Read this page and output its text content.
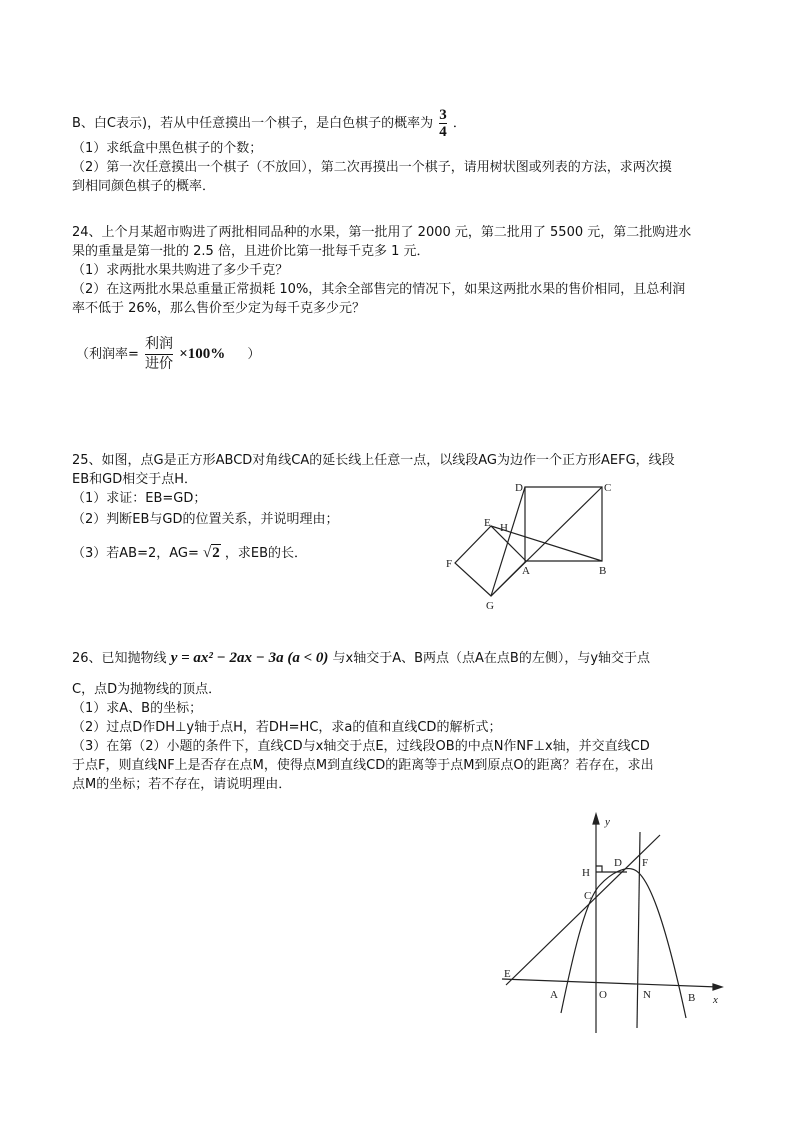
B、白C表示)，若从中任意摸出一个棋子，是白色棋子的概率为 $\frac{3}{4}$ ．
（1）求纸盒中黑色棋子的个数；
（2）第一次任意摸出一个棋子（不放回），第二次再摸出一个棋子，请用树状图或列表的方法，求两次摸
到相同颜色棋子的概率．
24、上个月某超市购进了两批相同品种的水果，第一批用了 2000 元，第二批用了 5500 元，第二批购进水
果的重量是第一批的 2.5 倍，且进价比第一批每千克多 1 元．
（1）求两批水果共购进了多少千克？
（2）在这两批水果总重量正常损耗 10%，其余全部售完的情况下，如果这两批水果的售价相同，且总利润
率不低于 26%，那么售价至少定为每千克多少元？
（利润率= $\frac{\text{利润}}{\text{进价}} \times 100\%$ ）
25、如图，点G是正方形ABCD对角线CA的延长线上任意一点，以线段AG为边作一个正方形AEFG，线段
EB和GD相交于点H．
（1）求证：EB=GD；
（2）判断EB与GD的位置关系，并说明理由；
（3）若AB=2，AG= √2 ，求EB的长．
D	C
E H
F
A	B
G
26、已知抛物线 y = ax² − 2ax − 3a (a < 0) 与x轴交于A、B两点（点A在点B的左侧），与y轴交于点
C，点D为抛物线的顶点．
（1）求A、B的坐标；
（2）过点D作DH⊥y轴于点H，若DH=HC，求a的值和直线CD的解析式；
（3）在第（2）小题的条件下，直线CD与x轴交于点E，过线段OB的中点N作NF⊥x轴，并交直线CD
于点F，则直线NF上是否存在点M，使得点M到直线CD的距离等于点M到原点O的距离？若存在，求出
点M的坐标；若不存在，请说明理由．
y
x
H
D F
C
E
A	O	N	B
